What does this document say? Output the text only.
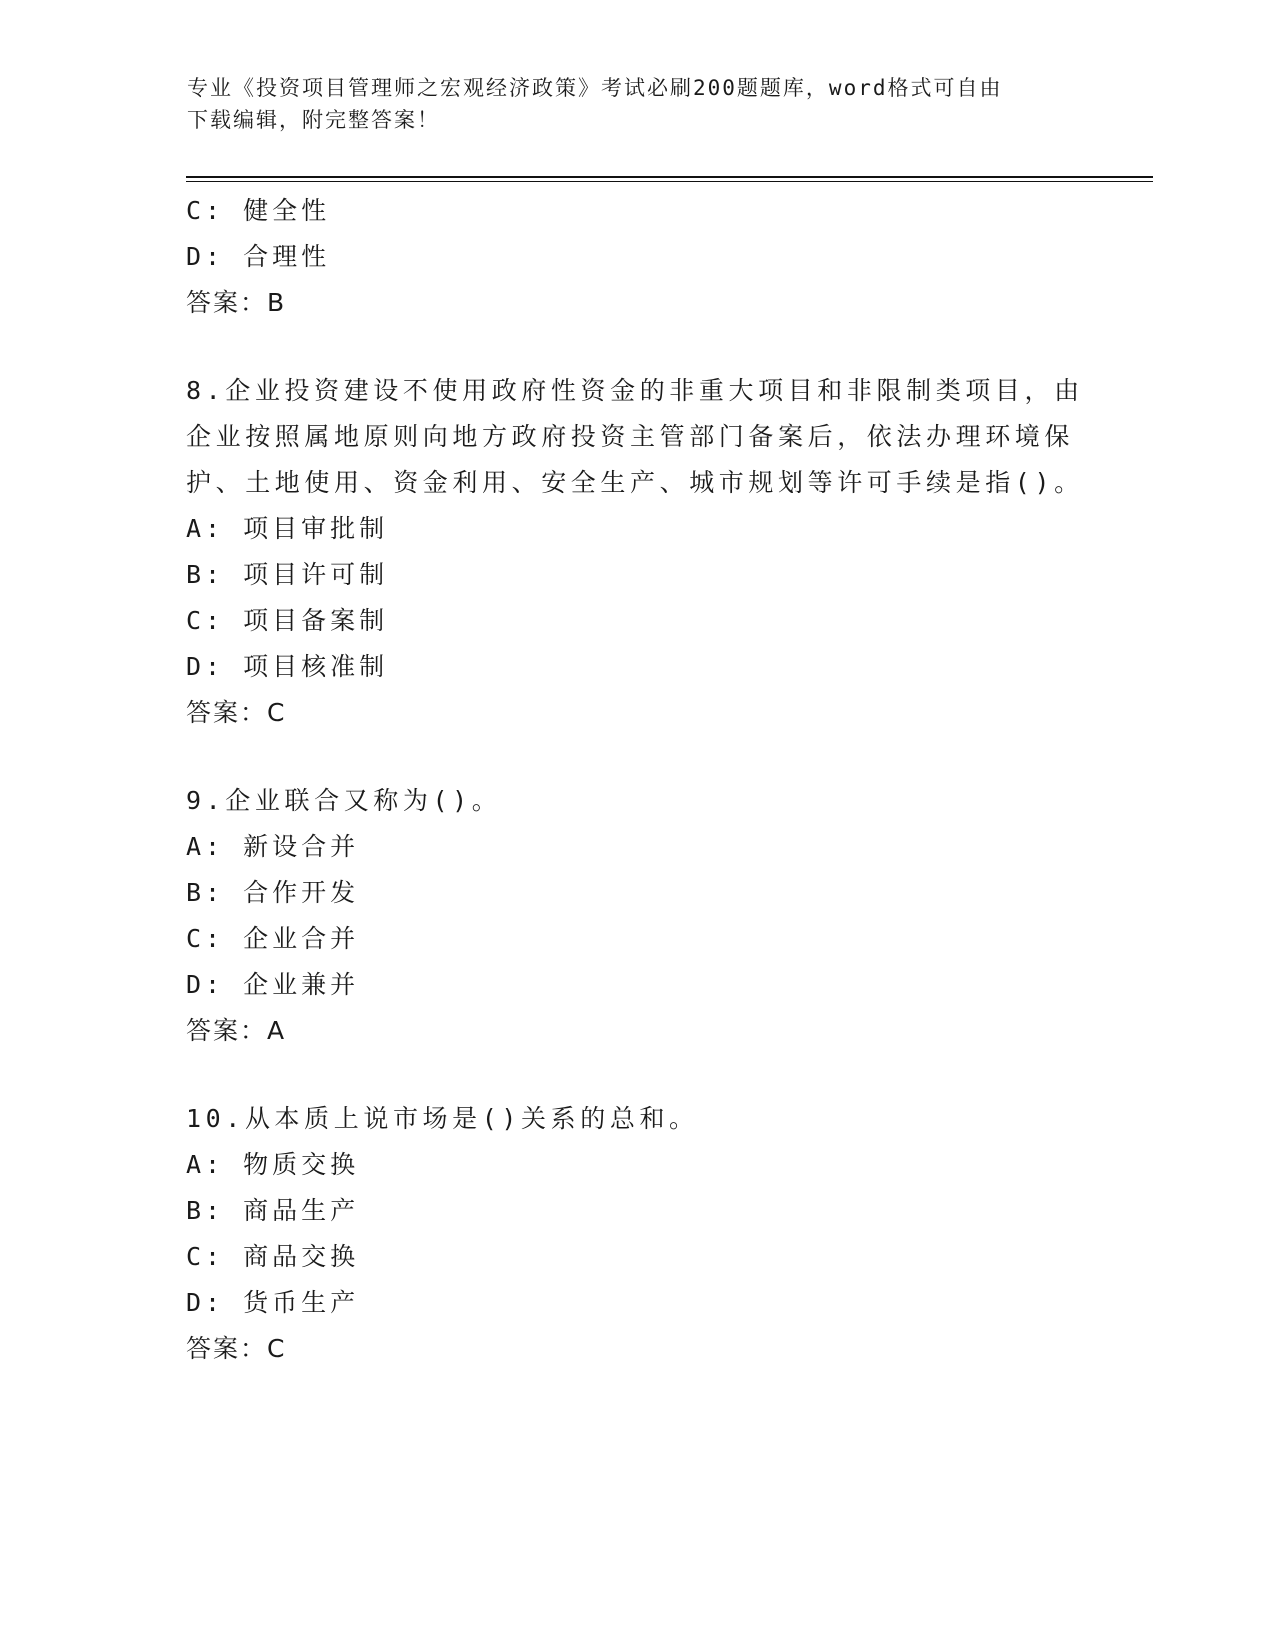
专业《投资项目管理师之宏观经济政策》考试必刷200题题库，word格式可自由
下载编辑，附完整答案！
C: 健全性
D: 合理性
答案：B
8.企业投资建设不使用政府性资金的非重大项目和非限制类项目，由
企业按照属地原则向地方政府投资主管部门备案后，依法办理环境保
护、土地使用、资金利用、安全生产、城市规划等许可手续是指()。
A: 项目审批制
B: 项目许可制
C: 项目备案制
D: 项目核准制
答案：C
9.企业联合又称为()。
A: 新设合并
B: 合作开发
C: 企业合并
D: 企业兼并
答案：A
10.从本质上说市场是()关系的总和。
A: 物质交换
B: 商品生产
C: 商品交换
D: 货币生产
答案：C
